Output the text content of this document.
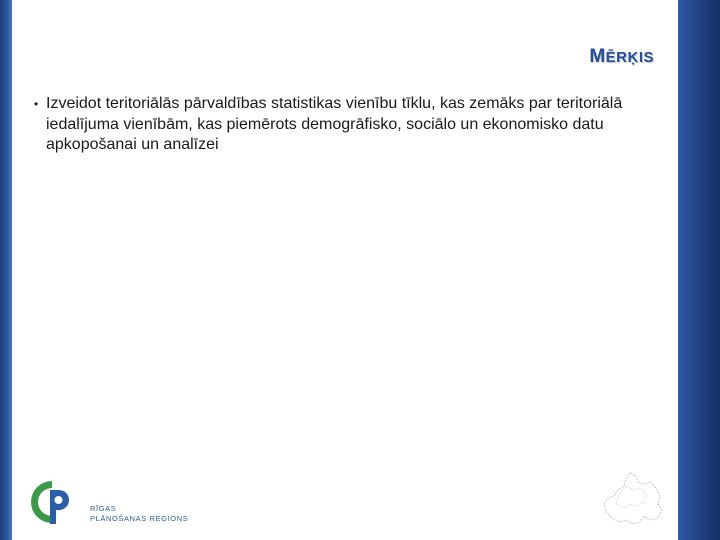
MĒRĶIS
• Izveidot teritoriālās pārvaldības statistikas vienību tīklu, kas zemāks par teritoriālā iedalījuma vienībām, kas piemērots demogrāfisko, sociālo un ekonomisko datu apkopošanai un analīzei
RĪGAS
PLĀNOŠANAS REĢIONS
